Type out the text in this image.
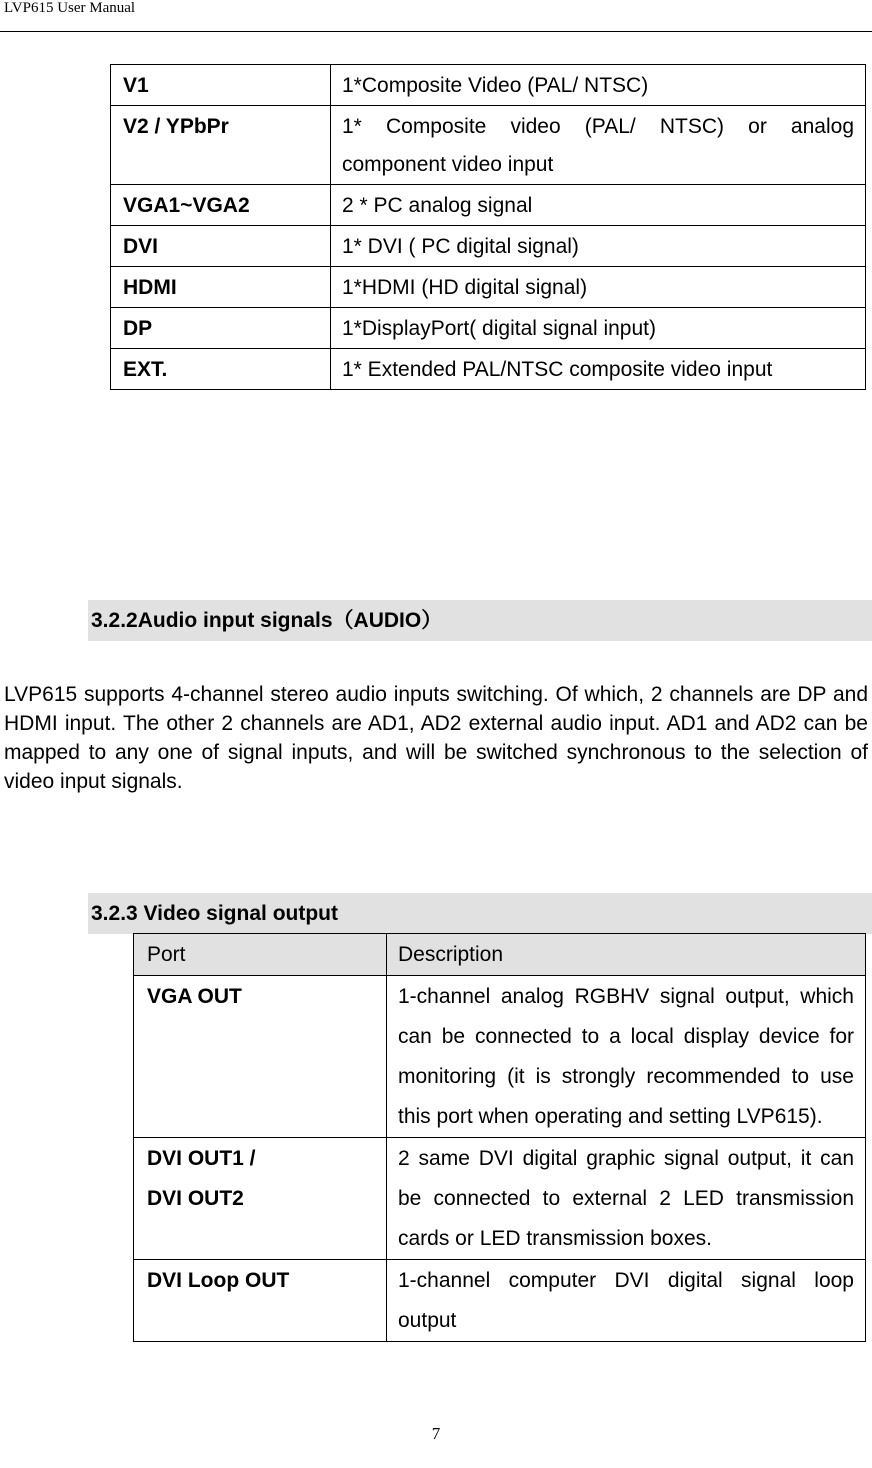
LVP615 User Manual
V1	1*Composite Video (PAL/ NTSC)
V2 / YPbPr	1* Composite video (PAL/ NTSC) or analog component video input
VGA1~VGA2	2 * PC analog signal
DVI	1* DVI ( PC digital signal)
HDMI	1*HDMI (HD digital signal)
DP	1*DisplayPort( digital signal input)
EXT.	1* Extended PAL/NTSC composite video input
3.2.2Audio input signals（AUDIO）
LVP615 supports 4-channel stereo audio inputs switching. Of which, 2 channels are DP and HDMI input. The other 2 channels are AD1, AD2 external audio input. AD1 and AD2 can be mapped to any one of signal inputs, and will be switched synchronous to the selection of video input signals.
3.2.3 Video signal output
Port	Description

VGA OUT	1-channel analog RGBHV signal output, which can be connected to a local display device for monitoring (it is strongly recommended to use this port when operating and setting LVP615).

DVI OUT1 /
DVI OUT2	2 same DVI digital graphic signal output, it can be connected to external 2 LED transmission cards or LED transmission boxes.

DVI Loop OUT	1-channel computer DVI digital signal loop output
7
